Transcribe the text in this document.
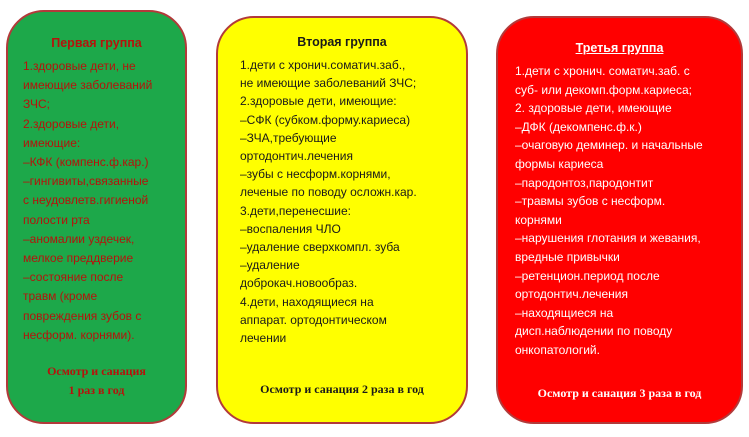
Первая группа
1.здоровые дети, не
имеющие заболеваний
ЗЧС;
2.здоровые дети,
имеющие:
–КФК (компенс.ф.кар.)
–гингивиты,связанные
с неудовлетв.гигиеной
полости рта
–аномалии уздечек,
мелкое преддверие
–состояние после
травм (кроме
повреждения зубов с
несформ. корнями).
Осмотр и санация
1 раз в год
Вторая группа
1.дети с хронич.соматич.заб.,
не имеющие заболеваний ЗЧС;
2.здоровые дети, имеющие:
–СФК (субком.форму.кариеса)
–ЗЧА,требующие
ортодонтич.лечения
–зубы с несформ.корнями,
леченые по поводу осложн.кар.
3.дети,перенесшие:
–воспаления ЧЛО
–удаление сверхкомпл. зуба
–удаление
доброкач.новообраз.
4.дети, находящиеся на
аппарат. ортодонтическом
лечении
Осмотр и санация 2 раза в год
Третья группа
1.дети с хронич. соматич.заб. с
суб- или декомп.форм.кариеса;
2. здоровые дети, имеющие
–ДФК (декомпенс.ф.к.)
–очаговую деминер. и начальные
формы кариеса
–пародонтоз,пародонтит
–травмы зубов с несформ.
корнями
–нарушения глотания и жевания,
вредные привычки
–ретенцион.период после
ортодонтич.лечения
–находящиеся на
дисп.наблюдении по поводу
онкопатологий.
Осмотр и санация 3 раза в год
